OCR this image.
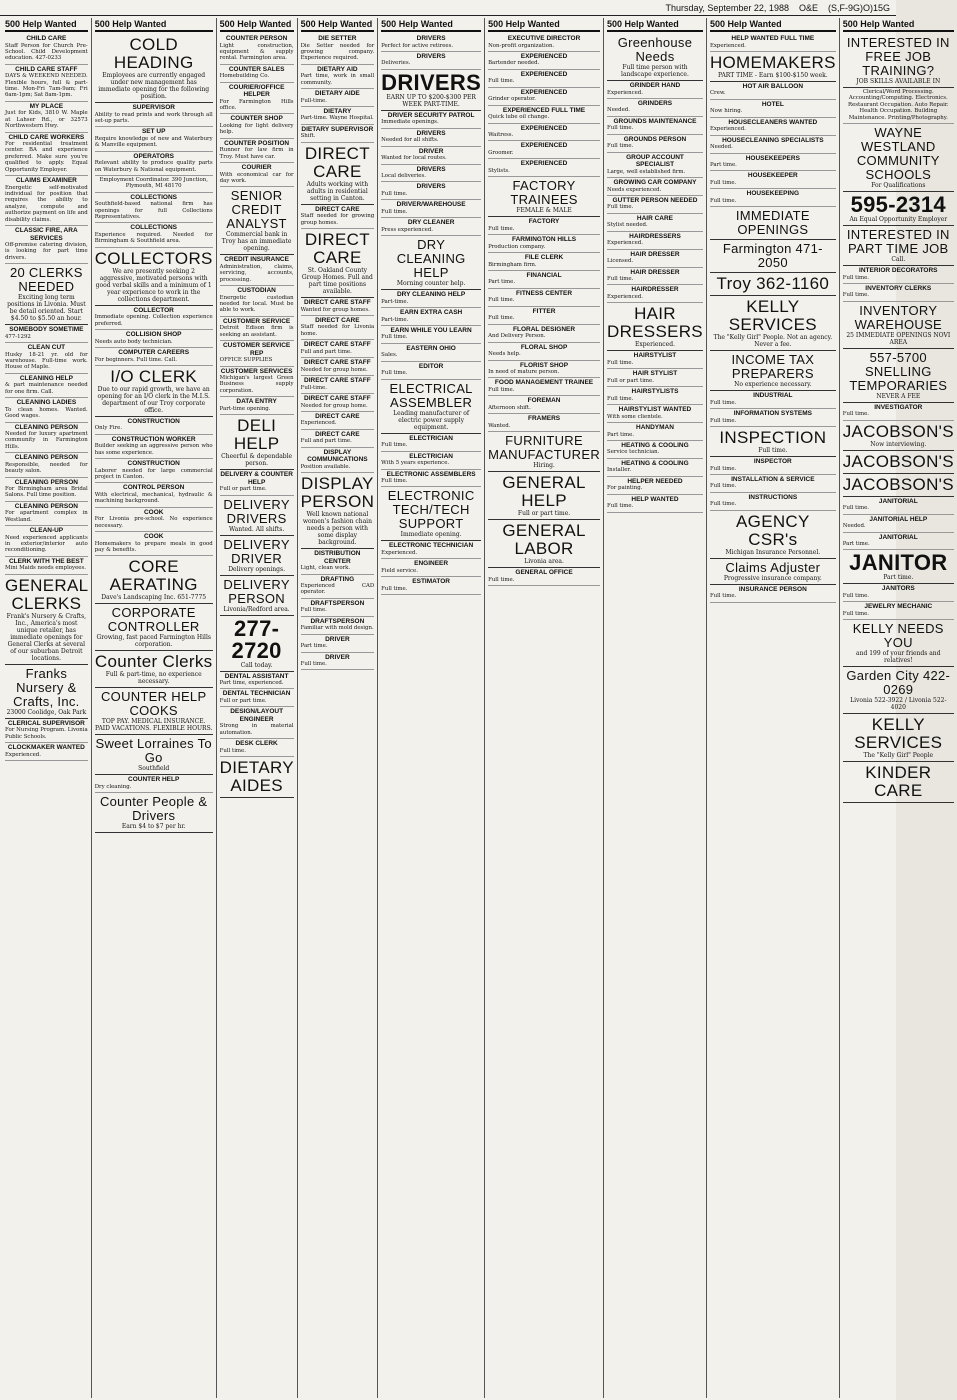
Thursday, September 22, 1988 O&E (S,F-9G)O)15G
500 Help Wanted
CHILD CARE
Staff Person for Church Pre-School. Child Development education. 427-0233
CHILD CARE STAFF
DAYS & WEEKEND NEEDED. Flexible hours, full & part-time. Mon-Fri 7am-9am; Fri 6am-1pm; Sat 8am-1pm.
MY PLACE
Just for Kids, 3810 W. Maple at Lahser Rd., or 32573 Northwestern Hwy.
CHILD CARE WORKERS
For residential treatment center. BA and experience preferred. Make sure you're qualified to apply. Equal Opportunity Employer.
CLAIMS EXAMINER
Energetic self-motivated individual for position that requires the ability to analyze, compute and authorize payment on life and disability claims.
CLASSIC FIRE, ARA SERVICES
Off-premise catering division, is looking for part time drivers.
20 CLERKS NEEDED
Exciting long term positions in Livonia. Must be detail oriented. Start $4.50 to $5.50 an hour.
SOMEBODY SOMETIME
477-1292
CLEAN CUT
Husky 18-21 yr. old for warehouse. Full-time work. House of Maple.
CLEANING HELP
& part maintenance needed for one firm. Call.
CLEANING LADIES
To clean homes. Wanted. Good wages.
CLEANING PERSON
Needed for luxury apartment community in Farmington Hills.
CLEANING PERSON
Responsible, needed for beauty salon.
CLEANING PERSON
For Birmingham area Bridal Salons. Full time position.
CLEANING PERSON
For apartment complex in Westland.
CLEAN-UP
Need experienced applicants in exterior/interior auto reconditioning.
CLERK WITH THE BEST
Mini Maids needs employees.
GENERAL CLERKS
Frank's Nursery & Crafts, Inc., America's most unique retailer, has immediate openings for General Clerks at several of our suburban Detroit locations.
Franks Nursery & Crafts, Inc.
23000 Coolidge, Oak Park
CLERICAL SUPERVISOR
For Nursing Program. Livonia Public Schools.
CLOCKMAKER WANTED
Experienced.
500 Help Wanted
COLD HEADING
Employees are currently engaged under new management has immediate opening for the following position.
SUPERVISOR
Ability to read prints and work through all set-up parts.
SET UP
Require knowledge of new and Waterbury & Manville equipment.
OPERATORS
Relevant ability to produce quality parts on Waterbury & National equipment.
Employment Coordinator. 390 Junction, Plymouth, MI 48170
COLLECTIONS
Southfield-based national firm has openings for full Collections Representatives.
COLLECTIONS
Experience required. Needed for Birmingham & Southfield area.
COLLECTORS
We are presently seeking 2 aggressive, motivated persons with good verbal skills and a minimum of 1 year experience to work in the collections department.
COLLECTOR
Immediate opening. Collection experience preferred.
COLLISION SHOP
Needs auto body technician.
COMPUTER CAREERS
For beginners. Full time. Call.
I/O CLERK
Due to our rapid growth, we have an opening for an I/O clerk in the M.I.S. department of our Troy corporate office.
CONSTRUCTION
Only Fire.
CONSTRUCTION WORKER
Builder seeking an aggressive person who has some experience.
CONSTRUCTION
Laborer needed for large commercial project in Canton.
CONTROL PERSON
With electrical, mechanical, hydraulic & machining background.
COOK
For Livonia pre-school. No experience necessary.
COOK
Homemakers to prepare meals in good pay & benefits.
CORE AERATING
Dave's Landscaping Inc. 651-7775
CORPORATE CONTROLLER
Growing, fast paced Farmington Hills corporation.
Counter Clerks
Full & part-time, no experience necessary.
COUNTER HELP COOKS
TOP PAY. MEDICAL INSURANCE. PAID VACATIONS. FLEXIBLE HOURS.
Sweet Lorraines To Go
Southfield
COUNTER HELP
Dry cleaning.
Counter People & Drivers
Earn $4 to $7 per hr.
500 Help Wanted
COUNTER PERSON
Light construction, equipment & supply rental. Farmington area.
COUNTER SALES
Homebuilding Co.
COURIER/OFFICE HELPER
For Farmington Hills office.
COUNTER SHOP
Looking for light delivery help.
COUNTER POSITION
Runner for law firm in Troy. Must have car.
COURIER
With economical car for day work.
SENIOR CREDIT ANALYST
Commercial bank in Troy has an immediate opening.
CREDIT INSURANCE
Administration, claims, servicing, accounts, processing.
CUSTODIAN
Energetic custodian needed for local. Must be able to work.
CUSTOMER SERVICE
Detroit Edison firm is seeking an assistant.
CUSTOMER SERVICE REP
OFFICE SUPPLIES
CUSTOMER SERVICES
Michigan's largest Green Business supply corporation.
DATA ENTRY
Part-time opening.
DELI HELP
Cheerful & dependable person.
DELIVERY & COUNTER HELP
Full or part time.
DELIVERY DRIVERS
Wanted. All shifts.
DELIVERY DRIVER
Delivery openings.
DELIVERY PERSON
Livonia/Redford area.
277-2720
Call today.
DENTAL ASSISTANT
Part time, experienced.
DENTAL TECHNICIAN
Full or part time.
DESIGN/LAYOUT ENGINEER
Strong in material automation.
DESK CLERK
Full time.
DIETARY AIDES
500 Help Wanted
DIE SETTER
Die Setter needed for growing company. Experience required.
DIETARY AID
Part time, work in small community.
DIETARY AIDE
Full-time.
DIETARY
Part-time. Wayne Hospital.
DIETARY SUPERVISOR
Shift.
DIRECT CARE
Adults working with adults in residential setting in Canton.
DIRECT CARE
Staff needed for growing group homes.
DIRECT CARE
St. Oakland County Group Homes. Full and part time positions available.
DIRECT CARE STAFF
Wanted for group homes.
DIRECT CARE
Staff needed for Livonia home.
DIRECT CARE STAFF
Full and part time.
DIRECT CARE STAFF
Needed for group home.
DIRECT CARE STAFF
Full-time.
DIRECT CARE STAFF
Needed for group home.
DIRECT CARE
Experienced.
DIRECT CARE
Full and part time.
DISPLAY COMMUNICATIONS
Position available.
DISPLAY PERSON
Well known national women's fashion chain needs a person with some display background.
DISTRIBUTION CENTER
Light, clean work.
DRAFTING
Experienced CAD operator.
DRAFTSPERSON
Full time.
DRAFTSPERSON
Familiar with mold design.
DRIVER
Part time.
DRIVER
Full time.
500 Help Wanted
DRIVERS
Perfect for active retirees.
DRIVERS
Deliveries.
DRIVERS
EARN UP TO $200-$300 PER WEEK PART-TIME.
DRIVER SECURITY PATROL
Immediate openings.
DRIVERS
Needed for all shifts.
DRIVER
Wanted for local routes.
DRIVERS
Local deliveries.
DRIVERS
Full time.
DRIVER/WAREHOUSE
Full time.
DRY CLEANER
Press experienced.
DRY CLEANING HELP
Morning counter help.
DRY CLEANING HELP
Part-time.
EARN EXTRA CASH
Part-time.
EARN WHILE YOU LEARN
Full time.
EASTERN OHIO
Sales.
EDITOR
Full time.
ELECTRICAL ASSEMBLER
Leading manufacturer of electric power supply equipment.
ELECTRICIAN
Full time.
ELECTRICIAN
With 5 years experience.
ELECTRONIC ASSEMBLERS
Full time.
ELECTRONIC TECH/TECH SUPPORT
Immediate opening.
ELECTRONIC TECHNICIAN
Experienced.
ENGINEER
Field service.
ESTIMATOR
Full time.
500 Help Wanted
EXECUTIVE DIRECTOR
Non-profit organization.
EXPERIENCED
Bartender needed.
EXPERIENCED
Full time.
EXPERIENCED
Grinder operator.
EXPERIENCED FULL TIME
Quick lube oil change.
EXPERIENCED
Waitress.
EXPERIENCED
Groomer.
EXPERIENCED
Stylists.
FACTORY TRAINEES
FEMALE & MALE
FACTORY
Full time.
FARMINGTON HILLS
Production company.
FILE CLERK
Birmingham firm.
FINANCIAL
Part time.
FITNESS CENTER
Full time.
FITTER
Full time.
FLORAL DESIGNER
And Delivery Person.
FLORAL SHOP
Needs help.
FLORIST SHOP
In need of mature person.
FOOD MANAGEMENT TRAINEE
Full time.
FOREMAN
Afternoon shift.
FRAMERS
Wanted.
FURNITURE MANUFACTURER
Hiring.
GENERAL HELP
Full or part time.
GENERAL LABOR
Livonia area.
GENERAL OFFICE
Full time.
500 Help Wanted
Greenhouse Needs
Full time person with landscape experience.
GRINDER HAND
Experienced.
GRINDERS
Needed.
GROUNDS MAINTENANCE
Full time.
GROUNDS PERSON
Full time.
GROUP ACCOUNT SPECIALIST
Large, well established firm.
GROWING CAR COMPANY
Needs experienced.
GUTTER PERSON NEEDED
Full time.
HAIR CARE
Stylist needed.
HAIRDRESSERS
Experienced.
HAIR DRESSER
Licensed.
HAIR DRESSER
Full time.
HAIRDRESSER
Experienced.
HAIR DRESSERS
Experienced.
HAIRSTYLIST
Full time.
HAIR STYLIST
Full or part time.
HAIRSTYLISTS
Full time.
HAIRSTYLIST WANTED
With some clientele.
HANDYMAN
Part time.
HEATING & COOLING
Service technician.
HEATING & COOLING
Installer.
HELPER NEEDED
For painting.
HELP WANTED
Full time.
500 Help Wanted
HELP WANTED FULL TIME
Experienced.
HOMEMAKERS
PART TIME - Earn $100-$150 week.
HOT AIR BALLOON
Crew.
HOTEL
Now hiring.
HOUSECLEANERS WANTED
Experienced.
HOUSECLEANING SPECIALISTS
Needed.
HOUSEKEEPERS
Part time.
HOUSEKEEPER
Full time.
HOUSEKEEPING
Full time.
IMMEDIATE OPENINGS
Farmington 471-2050
Troy 362-1160
KELLY SERVICES
The "Kelly Girl" People. Not an agency. Never a fee.
INCOME TAX PREPARERS
No experience necessary.
INDUSTRIAL
Full time.
INFORMATION SYSTEMS
Full time.
INSPECTION
Full time.
INSPECTOR
Full time.
INSTALLATION & SERVICE
Full time.
INSTRUCTIONS
Full time.
AGENCY CSR's
Michigan Insurance Personnel.
Claims Adjuster
Progressive insurance company.
INSURANCE PERSON
Full time.
500 Help Wanted
INTERESTED IN FREE JOB TRAINING?
JOB SKILLS AVAILABLE IN
Clerical/Word Processing. Accounting/Computing. Electronics. Restaurant Occupation. Auto Repair. Health Occupation. Building Maintenance. Printing/Photography.
WAYNE WESTLAND COMMUNITY SCHOOLS
For Qualifications
595-2314
An Equal Opportunity Employer
INTERESTED IN PART TIME JOB
Call.
INTERIOR DECORATORS
Full time.
INVENTORY CLERKS
Full time.
INVENTORY WAREHOUSE
25 IMMEDIATE OPENINGS NOVI AREA
557-5700 SNELLING TEMPORARIES
NEVER A FEE
INVESTIGATOR
Full time.
JACOBSON'S
Now interviewing.
JACOBSON'S
JACOBSON'S
JANITORIAL
Full time.
JANITORIAL HELP
Needed.
JANITORIAL
Part time.
JANITOR
Part time.
JANITORS
Full time.
JEWELRY MECHANIC
Full time.
KELLY NEEDS YOU
and 199 of your friends and relatives!
Garden City 422-0269
Livonia 522-3922 / Livonia 522-4020
KELLY SERVICES
The "Kelly Girl" People
KINDER CARE
